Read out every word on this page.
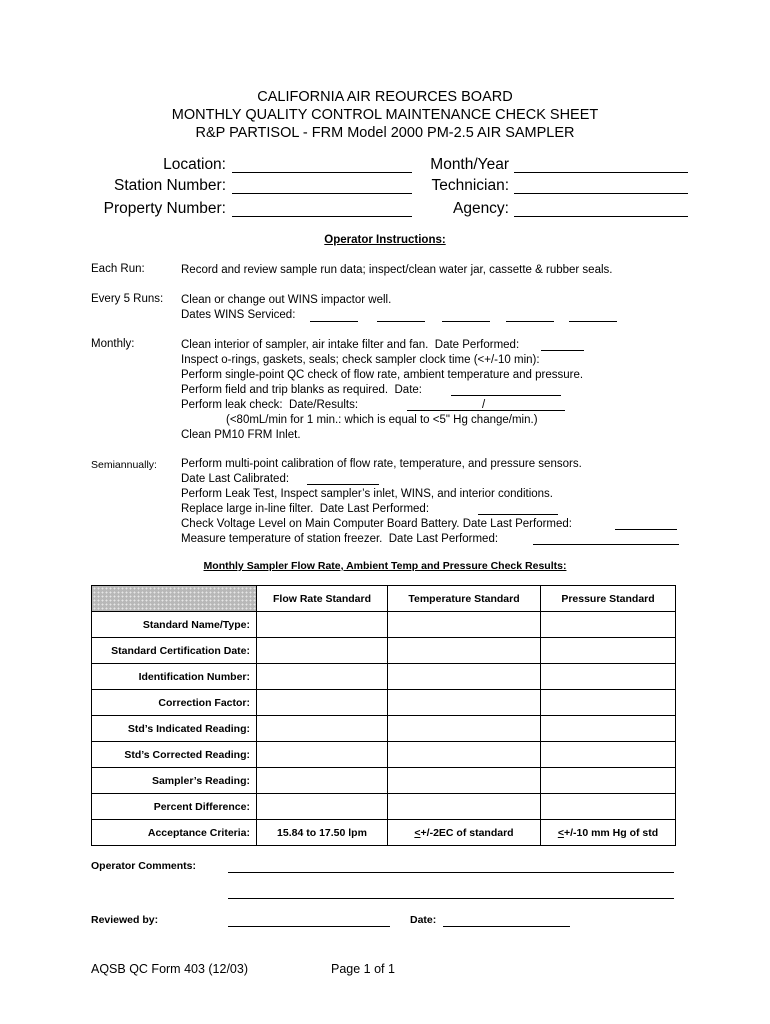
CALIFORNIA AIR REOURCES BOARD
MONTHLY QUALITY CONTROL MAINTENANCE CHECK SHEET
R&P PARTISOL - FRM Model 2000 PM-2.5 AIR SAMPLER
Location:
Station Number:
Property Number:
Month/Year
Technician:
Agency:
Operator Instructions:
Each Run:	Record and review sample run data; inspect/clean water jar, cassette & rubber seals.
Every 5 Runs: Clean or change out WINS impactor well.
Dates WINS Serviced:
Monthly:	Clean interior of sampler, air intake filter and fan.  Date Performed:
Inspect o-rings, gaskets, seals; check sampler clock time (<+/-10 min):
Perform single-point QC check of flow rate, ambient temperature and pressure.
Perform field and trip blanks as required.  Date:
Perform leak check:  Date/Results:	/
(<80mL/min for 1 min.: which is equal to <5" Hg change/min.)
Clean PM10 FRM Inlet.
Semiannually: Perform multi-point calibration of flow rate, temperature, and pressure sensors.
Date Last Calibrated:
Perform Leak Test, Inspect sampler’s inlet, WINS, and interior conditions.
Replace large in-line filter.  Date Last Performed:
Check Voltage Level on Main Computer Board Battery. Date Last Performed:
Measure temperature of station freezer.  Date Last Performed:
Monthly Sampler Flow Rate, Ambient Temp and Pressure Check Results:
	Flow Rate Standard	Temperature Standard	Pressure Standard
Standard Name/Type:			
Standard Certification Date:			
Identification Number:			
Correction Factor:			
Std’s Indicated Reading:			
Std’s Corrected Reading:			
Sampler’s Reading:			
Percent Difference:			
Acceptance Criteria:	15.84 to 17.50 lpm	<+/-2EC of standard	<+/-10 mm Hg of std
Operator Comments:
Reviewed by:	Date:
AQSB QC Form 403 (12/03)	Page 1 of 1
